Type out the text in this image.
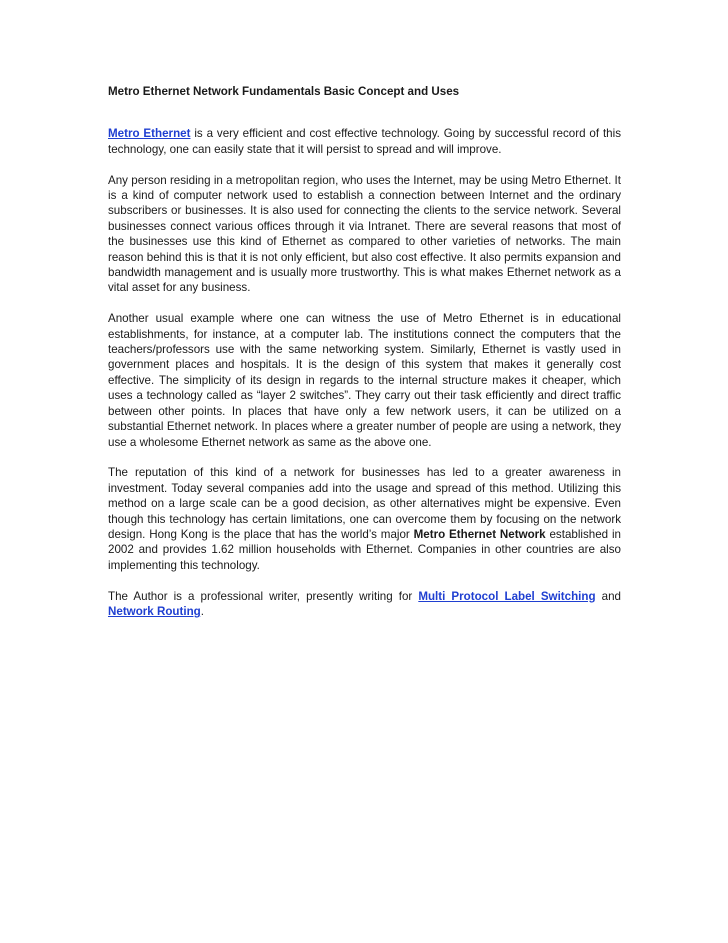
Metro Ethernet Network Fundamentals Basic Concept and Uses

Metro Ethernet is a very efficient and cost effective technology. Going by successful record of this technology, one can easily state that it will persist to spread and will improve.

Any person residing in a metropolitan region, who uses the Internet, may be using Metro Ethernet. It is a kind of computer network used to establish a connection between Internet and the ordinary subscribers or businesses. It is also used for connecting the clients to the service network. Several businesses connect various offices through it via Intranet. There are several reasons that most of the businesses use this kind of Ethernet as compared to other varieties of networks. The main reason behind this is that it is not only efficient, but also cost effective. It also permits expansion and bandwidth management and is usually more trustworthy. This is what makes Ethernet network as a vital asset for any business.

Another usual example where one can witness the use of Metro Ethernet is in educational establishments, for instance, at a computer lab. The institutions connect the computers that the teachers/professors use with the same networking system. Similarly, Ethernet is vastly used in government places and hospitals. It is the design of this system that makes it generally cost effective. The simplicity of its design in regards to the internal structure makes it cheaper, which uses a technology called as “layer 2 switches”. They carry out their task efficiently and direct traffic between other points. In places that have only a few network users, it can be utilized on a substantial Ethernet network. In places where a greater number of people are using a network, they use a wholesome Ethernet network as same as the above one.

The reputation of this kind of a network for businesses has led to a greater awareness in investment. Today several companies add into the usage and spread of this method. Utilizing this method on a large scale can be a good decision, as other alternatives might be expensive. Even though this technology has certain limitations, one can overcome them by focusing on the network design. Hong Kong is the place that has the world’s major Metro Ethernet Network established in 2002 and provides 1.62 million households with Ethernet. Companies in other countries are also implementing this technology.

The Author is a professional writer, presently writing for Multi Protocol Label Switching and Network Routing.
